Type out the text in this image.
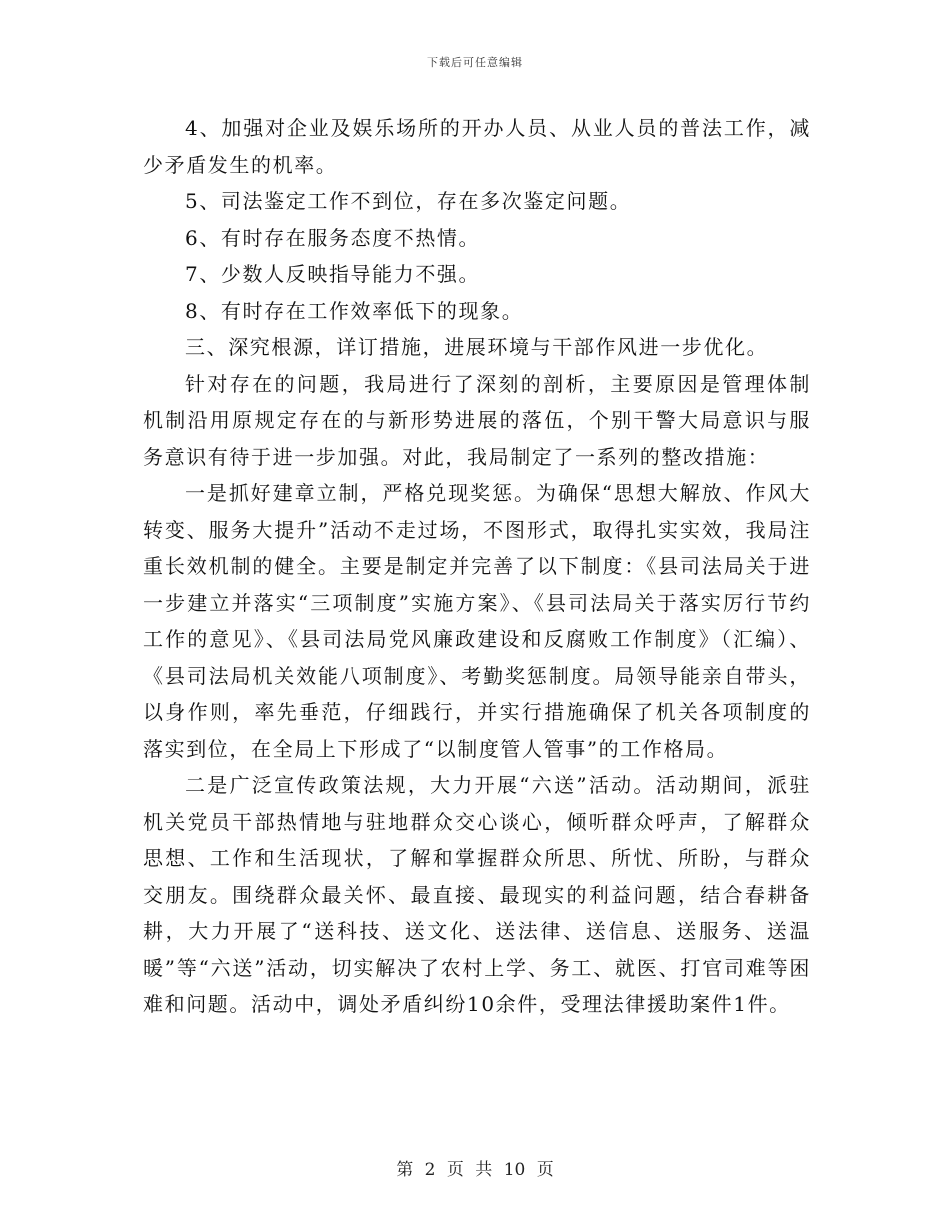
下载后可任意编辑

4、加强对企业及娱乐场所的开办人员、从业人员的普法工作，减少矛盾发生的机率。

5、司法鉴定工作不到位，存在多次鉴定问题。

6、有时存在服务态度不热情。

7、少数人反映指导能力不强。

8、有时存在工作效率低下的现象。

三、深究根源，详订措施，进展环境与干部作风进一步优化。

针对存在的问题，我局进行了深刻的剖析，主要原因是管理体制机制沿用原规定存在的与新形势进展的落伍，个别干警大局意识与服务意识有待于进一步加强。对此，我局制定了一系列的整改措施：

一是抓好建章立制，严格兑现奖惩。为确保“思想大解放、作风大转变、服务大提升”活动不走过场，不图形式，取得扎实实效，我局注重长效机制的健全。主要是制定并完善了以下制度：《县司法局关于进一步建立并落实“三项制度”实施方案》、《县司法局关于落实厉行节约工作的意见》、《县司法局党风廉政建设和反腐败工作制度》（汇编）、《县司法局机关效能八项制度》、考勤奖惩制度。局领导能亲自带头，以身作则，率先垂范，仔细践行，并实行措施确保了机关各项制度的落实到位，在全局上下形成了“以制度管人管事”的工作格局。

二是广泛宣传政策法规，大力开展“六送”活动。活动期间，派驻机关党员干部热情地与驻地群众交心谈心，倾听群众呼声，了解群众思想、工作和生活现状，了解和掌握群众所思、所忧、所盼，与群众交朋友。围绕群众最关怀、最直接、最现实的利益问题，结合春耕备耕，大力开展了“送科技、送文化、送法律、送信息、送服务、送温暖”等“六送”活动，切实解决了农村上学、务工、就医、打官司难等困难和问题。活动中，调处矛盾纠纷10余件，受理法律援助案件1件。

第 2 页 共 10 页
